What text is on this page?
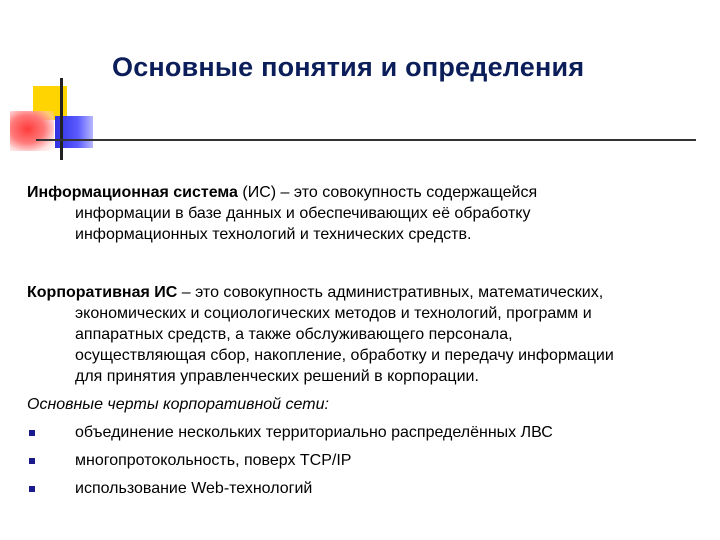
Основные понятия и определения
Информационная система (ИС) – это совокупность содержащейся
информации в базе данных и обеспечивающих её обработку
информационных технологий и технических средств.
Корпоративная ИС – это совокупность административных, математических,
экономических и социологических методов и технологий, программ и
аппаратных средств, а также обслуживающего персонала,
осуществляющая сбор, накопление, обработку и передачу информации
для принятия управленческих решений в корпорации.
Основные черты корпоративной сети:
объединение нескольких территориально распределённых ЛВС
многопротокольность, поверх TCP/IP
использование Web-технологий
